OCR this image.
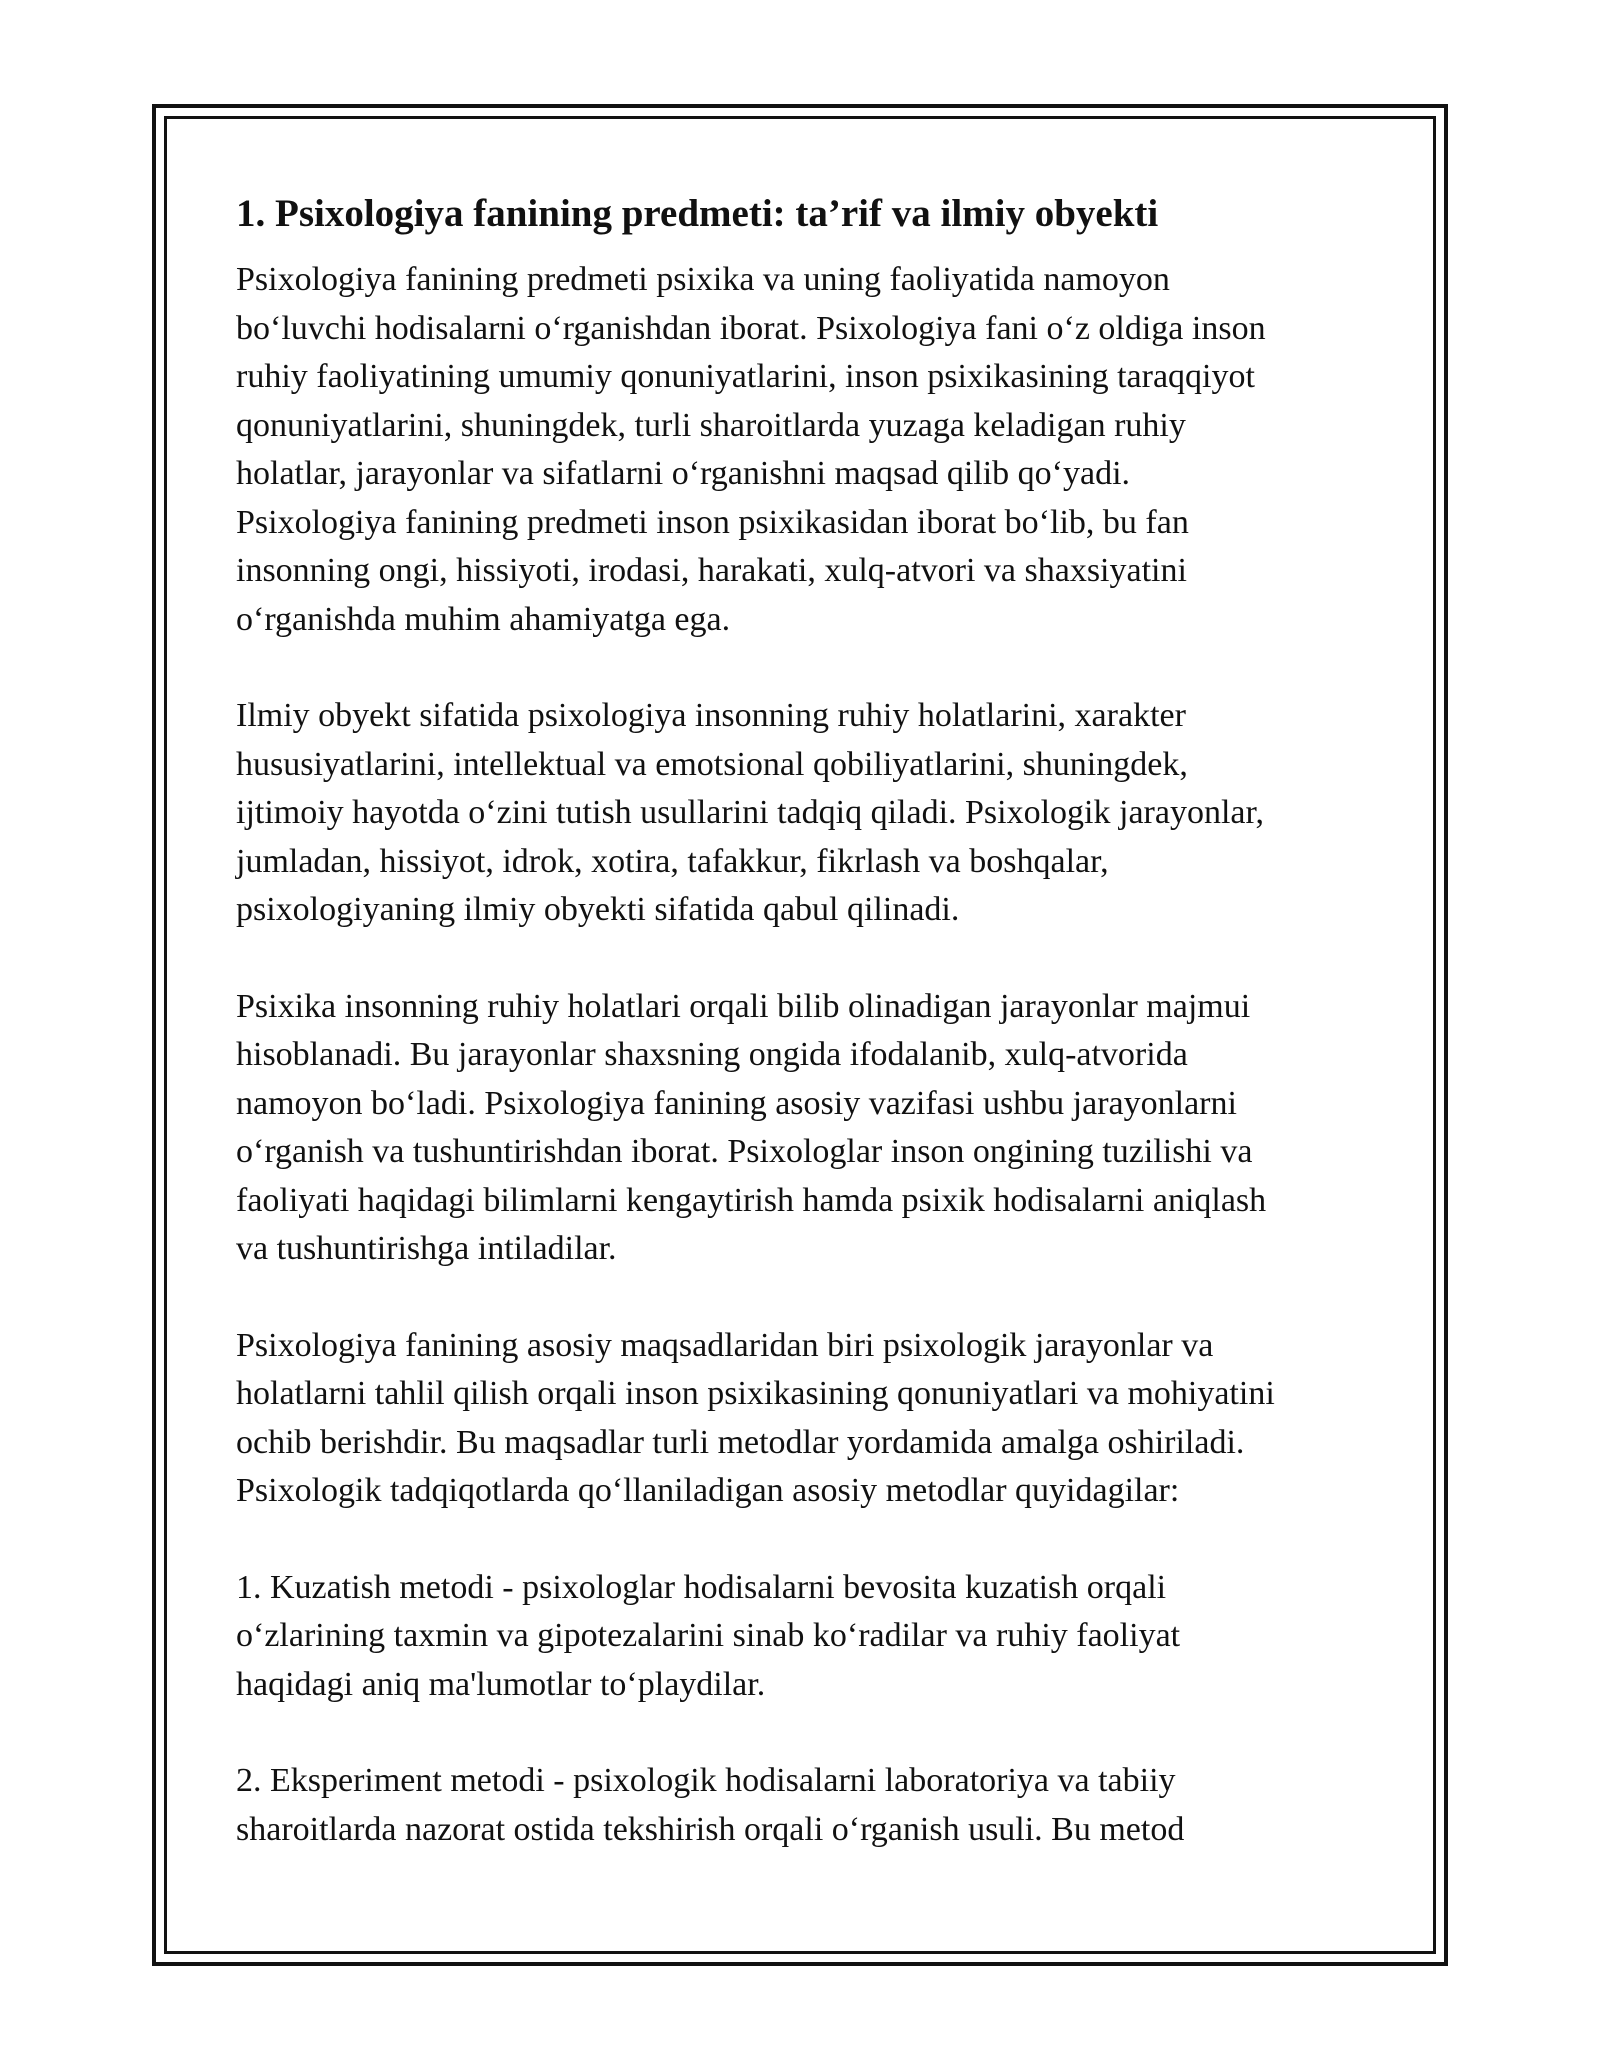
1. Psixologiya fanining predmeti: ta’rif va ilmiy obyekti

Psixologiya fanining predmeti psixika va uning faoliyatida namoyon
bo‘luvchi hodisalarni o‘rganishdan iborat. Psixologiya fani o‘z oldiga inson
ruhiy faoliyatining umumiy qonuniyatlarini, inson psixikasining taraqqiyot
qonuniyatlarini, shuningdek, turli sharoitlarda yuzaga keladigan ruhiy
holatlar, jarayonlar va sifatlarni o‘rganishni maqsad qilib qo‘yadi.
Psixologiya fanining predmeti inson psixikasidan iborat bo‘lib, bu fan
insonning ongi, hissiyoti, irodasi, harakati, xulq-atvori va shaxsiyatini
o‘rganishda muhim ahamiyatga ega.

Ilmiy obyekt sifatida psixologiya insonning ruhiy holatlarini, xarakter
hususiyatlarini, intellektual va emotsional qobiliyatlarini, shuningdek,
ijtimoiy hayotda o‘zini tutish usullarini tadqiq qiladi. Psixologik jarayonlar,
jumladan, hissiyot, idrok, xotira, tafakkur, fikrlash va boshqalar,
psixologiyaning ilmiy obyekti sifatida qabul qilinadi.

Psixika insonning ruhiy holatlari orqali bilib olinadigan jarayonlar majmui
hisoblanadi. Bu jarayonlar shaxsning ongida ifodalanib, xulq-atvorida
namoyon bo‘ladi. Psixologiya fanining asosiy vazifasi ushbu jarayonlarni
o‘rganish va tushuntirishdan iborat. Psixologlar inson ongining tuzilishi va
faoliyati haqidagi bilimlarni kengaytirish hamda psixik hodisalarni aniqlash
va tushuntirishga intiladilar.

Psixologiya fanining asosiy maqsadlaridan biri psixologik jarayonlar va
holatlarni tahlil qilish orqali inson psixikasining qonuniyatlari va mohiyatini
ochib berishdir. Bu maqsadlar turli metodlar yordamida amalga oshiriladi.
Psixologik tadqiqotlarda qo‘llaniladigan asosiy metodlar quyidagilar:

1. Kuzatish metodi - psixologlar hodisalarni bevosita kuzatish orqali
o‘zlarining taxmin va gipotezalarini sinab ko‘radilar va ruhiy faoliyat
haqidagi aniq ma'lumotlar to‘playdilar.

2. Eksperiment metodi - psixologik hodisalarni laboratoriya va tabiiy
sharoitlarda nazorat ostida tekshirish orqali o‘rganish usuli. Bu metod
